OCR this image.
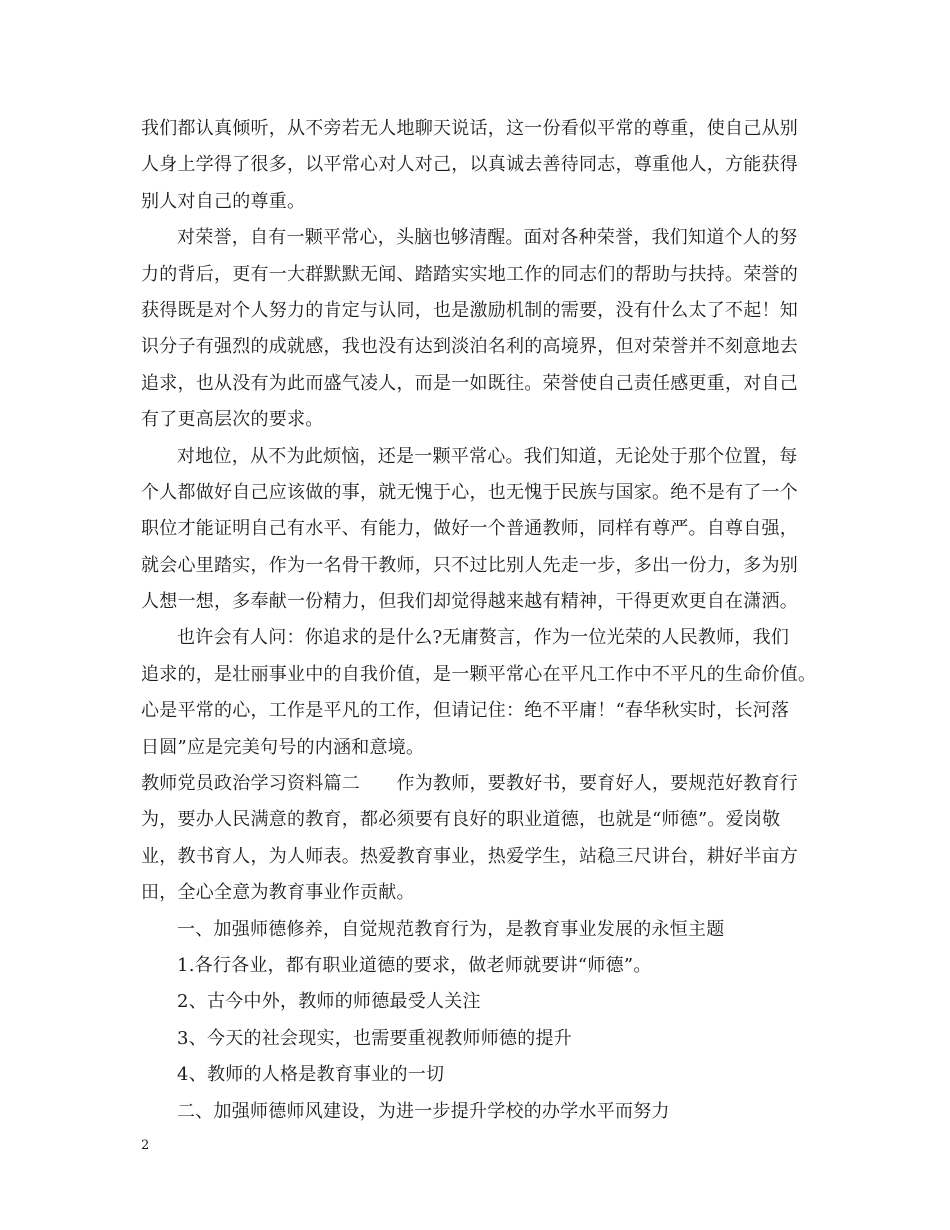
我们都认真倾听，从不旁若无人地聊天说话，这一份看似平常的尊重，使自己从别
人身上学得了很多，以平常心对人对己，以真诚去善待同志，尊重他人，方能获得
别人对自己的尊重。
对荣誉，自有一颗平常心，头脑也够清醒。面对各种荣誉，我们知道个人的努
力的背后，更有一大群默默无闻、踏踏实实地工作的同志们的帮助与扶持。荣誉的
获得既是对个人努力的肯定与认同，也是激励机制的需要，没有什么太了不起！知
识分子有强烈的成就感，我也没有达到淡泊名利的高境界，但对荣誉并不刻意地去
追求，也从没有为此而盛气凌人，而是一如既往。荣誉使自己责任感更重，对自己
有了更高层次的要求。
对地位，从不为此烦恼，还是一颗平常心。我们知道，无论处于那个位置，每
个人都做好自己应该做的事，就无愧于心，也无愧于民族与国家。绝不是有了一个
职位才能证明自己有水平、有能力，做好一个普通教师，同样有尊严。自尊自强，
就会心里踏实，作为一名骨干教师，只不过比别人先走一步，多出一份力，多为别
人想一想，多奉献一份精力，但我们却觉得越来越有精神，干得更欢更自在潇洒。
也许会有人问：你追求的是什么?无庸赘言，作为一位光荣的人民教师，我们
追求的，是壮丽事业中的自我价值，是一颗平常心在平凡工作中不平凡的生命价值。
心是平常的心，工作是平凡的工作，但请记住：绝不平庸！“春华秋实时，长河落
日圆”应是完美句号的内涵和意境。
教师党员政治学习资料篇二　　作为教师，要教好书，要育好人，要规范好教育行
为，要办人民满意的教育，都必须要有良好的职业道德，也就是“师德”。爱岗敬
业，教书育人，为人师表。热爱教育事业，热爱学生，站稳三尺讲台，耕好半亩方
田，全心全意为教育事业作贡献。
一、加强师德修养，自觉规范教育行为，是教育事业发展的永恒主题
1.各行各业，都有职业道德的要求，做老师就要讲“师德”。
2、古今中外，教师的师德最受人关注
3、今天的社会现实，也需要重视教师师德的提升
4、教师的人格是教育事业的一切
二、加强师德师风建设，为进一步提升学校的办学水平而努力
2
